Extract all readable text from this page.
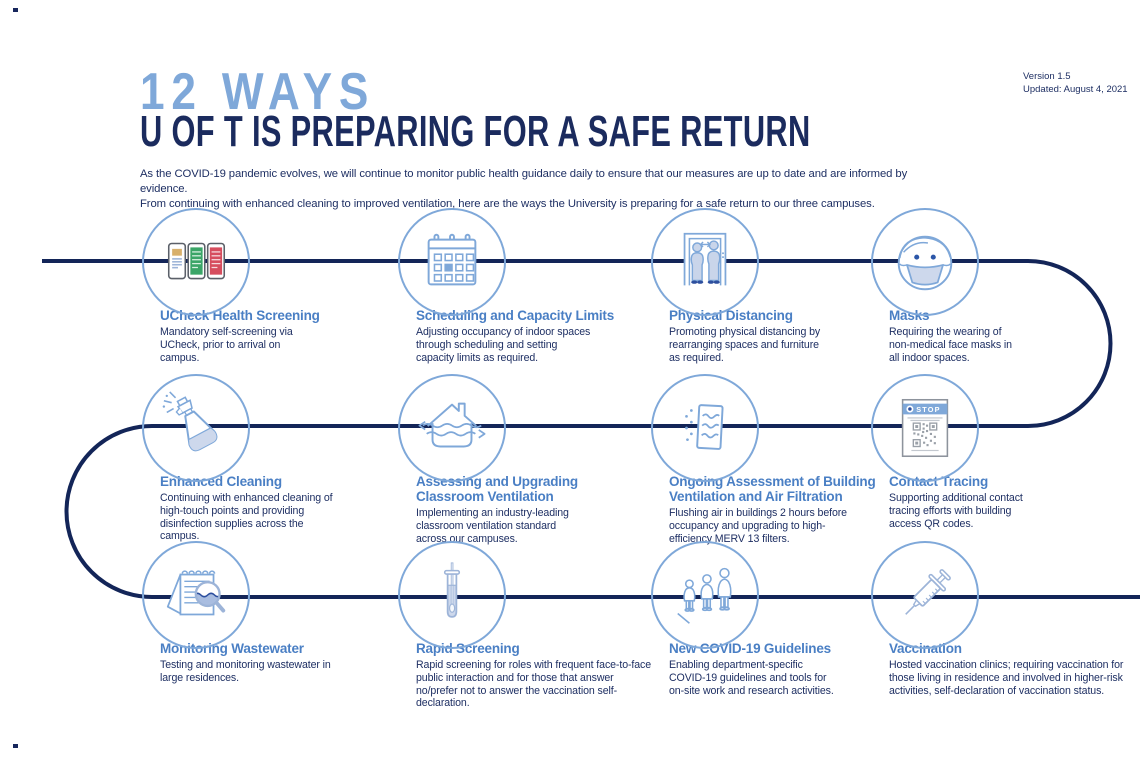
12 WAYS
U OF T IS PREPARING FOR A SAFE RETURN
As the COVID-19 pandemic evolves, we will continue to monitor public health guidance daily to ensure that our measures are up to date and are informed by evidence.
From continuing with enhanced cleaning to improved ventilation, here are the ways the University is preparing for a safe return to our three campuses.
Version 1.5
Updated: August 4, 2021
UCheck Health Screening
Mandatory self-screening via UCheck, prior to arrival on campus.
Scheduling and Capacity Limits
Adjusting occupancy of indoor spaces through scheduling and setting capacity limits as required.
Physical Distancing
Promoting physical distancing by rearranging spaces and furniture as required.
Masks
Requiring the wearing of non-medical face masks in all indoor spaces.
Enhanced Cleaning
Continuing with enhanced cleaning of high-touch points and providing disinfection supplies across the campus.
Assessing and Upgrading Classroom Ventilation
Implementing an industry-leading classroom ventilation standard across our campuses.
Ongoing Assessment of Building Ventilation and Air Filtration
Flushing air in buildings 2 hours before occupancy and upgrading to high-efficiency MERV 13 filters.
STOP
Contact Tracing
Supporting additional contact tracing efforts with building access QR codes.
Monitoring Wastewater
Testing and monitoring wastewater in large residences.
Rapid Screening
Rapid screening for roles with frequent face-to-face public interaction and for those that answer no/prefer not to answer the vaccination self-declaration.
New COVID-19 Guidelines
Enabling department-specific COVID-19 guidelines and tools for on-site work and research activities.
Vaccination
Hosted vaccination clinics; requiring vaccination for those living in residence and involved in higher-risk activities, self-declaration of vaccination status.
